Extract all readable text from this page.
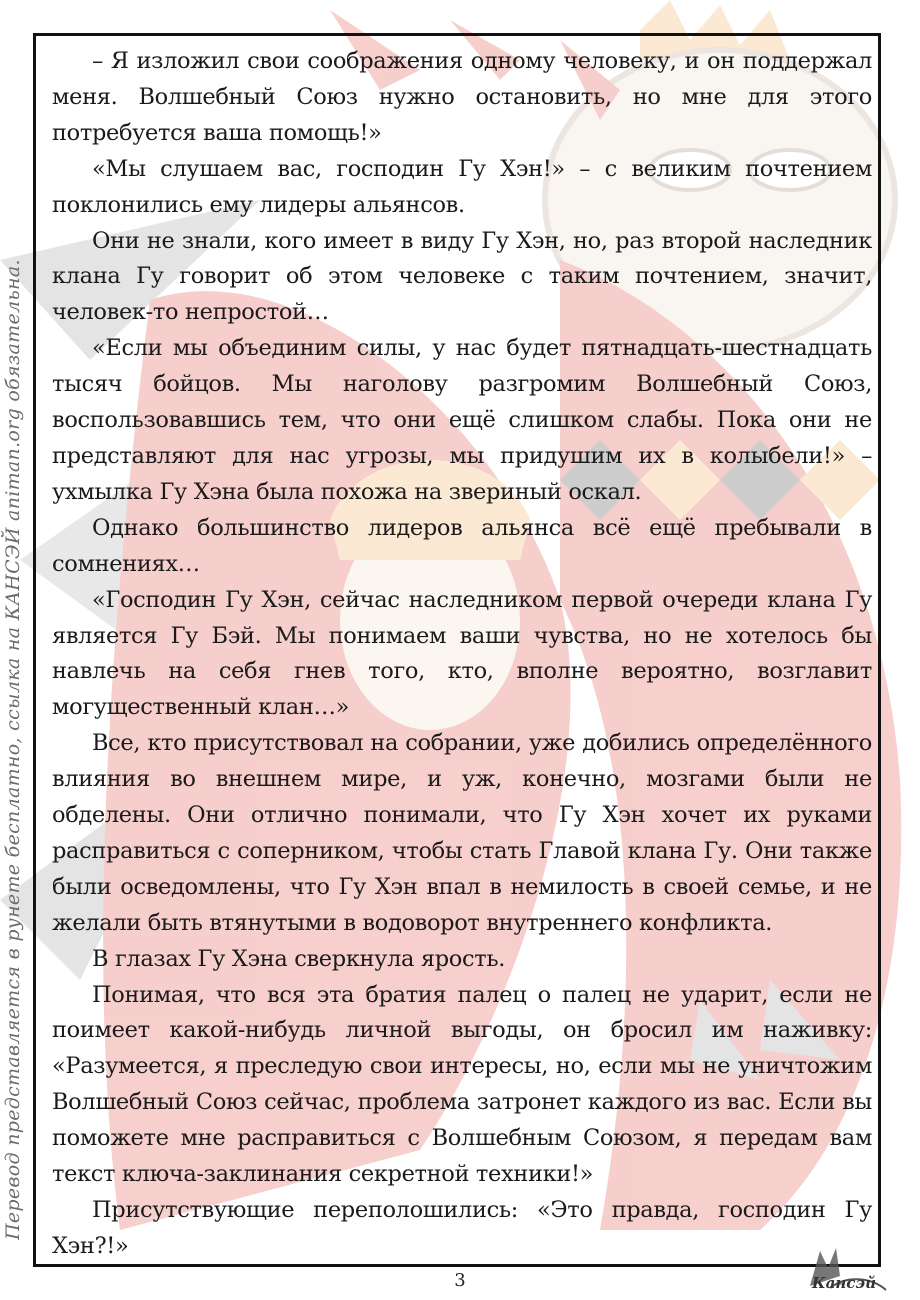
Перевод представляется в рунете бесплатно, ссылка на КАНСЭЙ animan.org обязательна.

– Я изложил свои соображения одному человеку, и он поддержал меня. Волшебный Союз нужно остановить, но мне для этого потребуется ваша помощь!»

«Мы слушаем вас, господин Гу Хэн!» – с великим почтением поклонились ему лидеры альянсов.

Они не знали, кого имеет в виду Гу Хэн, но, раз второй наследник клана Гу говорит об этом человеке с таким почтением, значит, человек-то непростой…

«Если мы объединим силы, у нас будет пятнадцать-шестнадцать тысяч бойцов. Мы наголову разгромим Волшебный Союз, воспользовавшись тем, что они ещё слишком слабы. Пока они не представляют для нас угрозы, мы придушим их в колыбели!» – ухмылка Гу Хэна была похожа на звериный оскал.

Однако большинство лидеров альянса всё ещё пребывали в сомнениях…

«Господин Гу Хэн, сейчас наследником первой очереди клана Гу является Гу Бэй. Мы понимаем ваши чувства, но не хотелось бы навлечь на себя гнев того, кто, вполне вероятно, возглавит могущественный клан…»

Все, кто присутствовал на собрании, уже добились определённого влияния во внешнем мире, и уж, конечно, мозгами были не обделены. Они отлично понимали, что Гу Хэн хочет их руками расправиться с соперником, чтобы стать Главой клана Гу. Они также были осведомлены, что Гу Хэн впал в немилость в своей семье, и не желали быть втянутыми в водоворот внутреннего конфликта.

В глазах Гу Хэна сверкнула ярость.

Понимая, что вся эта братия палец о палец не ударит, если не поимеет какой-нибудь личной выгоды, он бросил им наживку: «Разумеется, я преследую свои интересы, но, если мы не уничтожим Волшебный Союз сейчас, проблема затронет каждого из вас. Если вы поможете мне расправиться с Волшебным Союзом, я передам вам текст ключа-заклинания секретной техники!»

Присутствующие переполошились: «Это правда, господин Гу Хэн?!»

3	Кансэй
